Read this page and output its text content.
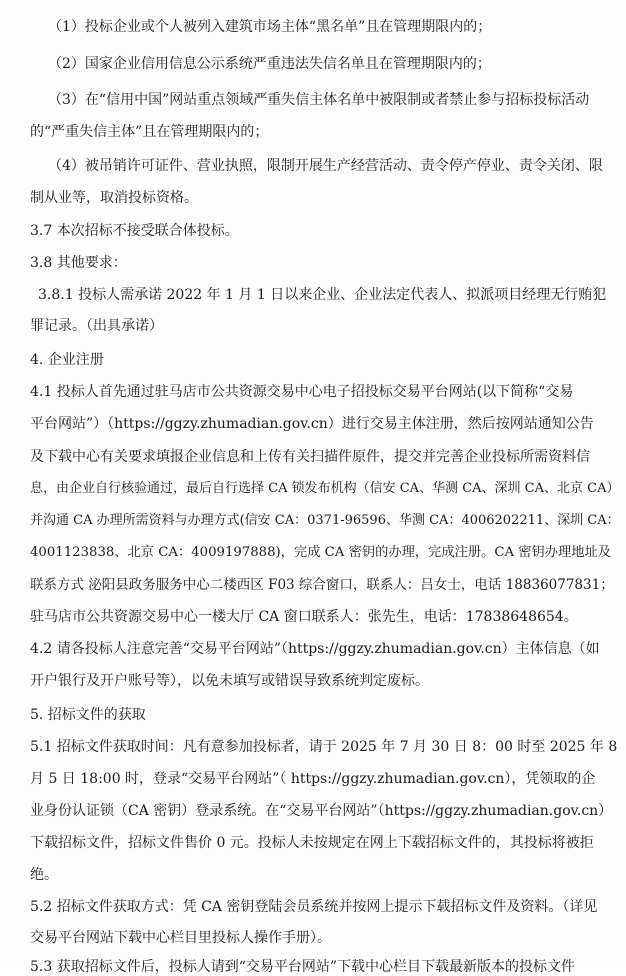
（1）投标企业或个人被列入建筑市场主体“黑名单”且在管理期限内的；
（2）国家企业信用信息公示系统严重违法失信名单且在管理期限内的；
（3）在“信用中国”网站重点领域严重失信主体名单中被限制或者禁止参与招标投标活动
的“严重失信主体”且在管理期限内的；
（4）被吊销许可证件、营业执照，限制开展生产经营活动、责令停产停业、责令关闭、限
制从业等，取消投标资格。
3.7 本次招标不接受联合体投标。
3.8 其他要求：
3.8.1 投标人需承诺 2022 年 1 月 1 日以来企业、企业法定代表人、拟派项目经理无行贿犯
罪记录。（出具承诺）
4. 企业注册
4.1 投标人首先通过驻马店市公共资源交易中心电子招投标交易平台网站(以下简称“交易
平台网站”）（https://ggzy.zhumadian.gov.cn）进行交易主体注册，然后按网站通知公告
及下载中心有关要求填报企业信息和上传有关扫描件原件，提交并完善企业投标所需资料信
息，由企业自行核验通过，最后自行选择 CA 锁发布机构（信安 CA、华测 CA、深圳 CA、北京 CA）
并沟通 CA 办理所需资料与办理方式(信安 CA：0371-96596、华测 CA：4006202211、深圳 CA：
4001123838、北京 CA：4009197888)，完成 CA 密钥的办理，完成注册。CA 密钥办理地址及
联系方式 泌阳县政务服务中心二楼西区 F03 综合窗口，联系人：吕女士，电话 18836077831；
驻马店市公共资源交易中心一楼大厅 CA 窗口联系人：张先生，电话：17838648654。
4.2 请各投标人注意完善“交易平台网站”（https://ggzy.zhumadian.gov.cn）主体信息（如
开户银行及开户账号等），以免未填写或错误导致系统判定废标。
5. 招标文件的获取
5.1 招标文件获取时间：凡有意参加投标者，请于 2025 年 7 月 30 日 8：00 时至 2025 年 8
月 5 日 18:00 时，登录“交易平台网站”（ https://ggzy.zhumadian.gov.cn），凭领取的企
业身份认证锁（CA 密钥）登录系统。在“交易平台网站”（https://ggzy.zhumadian.gov.cn）
下载招标文件，招标文件售价 0 元。投标人未按规定在网上下载招标文件的，其投标将被拒
绝。
5.2 招标文件获取方式：凭 CA 密钥登陆会员系统并按网上提示下载招标文件及资料。（详见
交易平台网站下载中心栏目里投标人操作手册）。
5.3 获取招标文件后，投标人请到“交易平台网站”下载中心栏目下载最新版本的投标文件
